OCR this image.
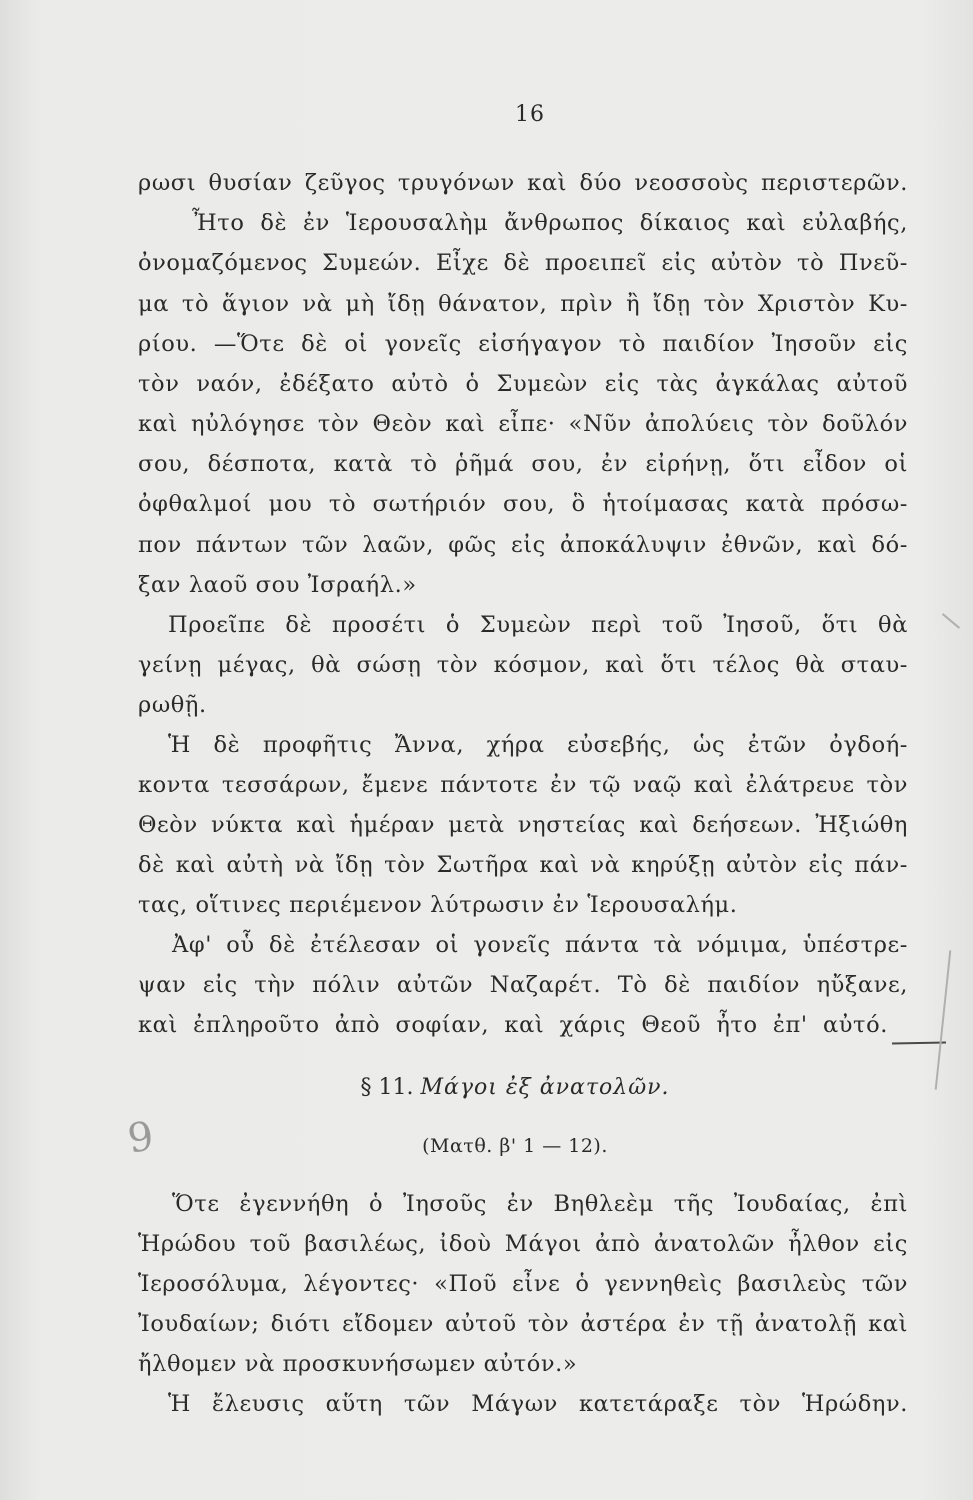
16
ρωσι θυσίαν ζεῦγος τρυγόνων καὶ δύο νεοσσοὺς περιστερῶν.
Ἦτο δὲ ἐν Ἱερουσαλὴμ ἄνθρωπος δίκαιος καὶ εὐλαβής,
ὀνομαζόμενος Συμεών. Εἶχε δὲ προειπεῖ εἰς αὐτὸν τὸ Πνεῦ-
μα τὸ ἅγιον νὰ μὴ ἴδῃ θάνατον, πρὶν ἢ ἴδῃ τὸν Χριστὸν Κυ-
ρίου. —Ὅτε δὲ οἱ γονεῖς εἰσήγαγον τὸ παιδίον Ἰησοῦν εἰς
τὸν ναόν, ἐδέξατο αὐτὸ ὁ Συμεὼν εἰς τὰς ἀγκάλας αὐτοῦ
καὶ ηὐλόγησε τὸν Θεὸν καὶ εἶπε· «Νῦν ἀπολύεις τὸν δοῦλόν
σου, δέσποτα, κατὰ τὸ ῥῆμά σου, ἐν εἰρήνῃ, ὅτι εἶδον οἱ
ὀφθαλμοί μου τὸ σωτήριόν σου, ὃ ἡτοίμασας κατὰ πρόσω-
πον πάντων τῶν λαῶν, φῶς εἰς ἀποκάλυψιν ἐθνῶν, καὶ δό-
ξαν λαοῦ σου Ἰσραήλ.»
Προεῖπε δὲ προσέτι ὁ Συμεὼν περὶ τοῦ Ἰησοῦ, ὅτι θὰ
γείνῃ μέγας, θὰ σώσῃ τὸν κόσμον, καὶ ὅτι τέλος θὰ σταυ-
ρωθῇ.
Ἡ δὲ προφῆτις Ἄννα, χήρα εὐσεβής, ὡς ἐτῶν ὀγδοή-
κοντα τεσσάρων, ἔμενε πάντοτε ἐν τῷ ναῷ καὶ ἐλάτρευε τὸν
Θεὸν νύκτα καὶ ἡμέραν μετὰ νηστείας καὶ δεήσεων. Ἠξιώθη
δὲ καὶ αὐτὴ νὰ ἴδῃ τὸν Σωτῆρα καὶ νὰ κηρύξῃ αὐτὸν εἰς πάν-
τας, οἵτινες περιέμενον λύτρωσιν ἐν Ἱερουσαλήμ.
Ἀφ' οὗ δὲ ἐτέλεσαν οἱ γονεῖς πάντα τὰ νόμιμα, ὑπέστρε-
ψαν εἰς τὴν πόλιν αὐτῶν Ναζαρέτ. Τὸ δὲ παιδίον ηὔξανε,
καὶ ἐπληροῦτο ἀπὸ σοφίαν, καὶ χάρις Θεοῦ ἦτο ἐπ' αὐτό.
§ 11. Μάγοι ἐξ ἀνατολῶν.
(Ματθ. β' 1 — 12).
Ὅτε ἐγεννήθη ὁ Ἰησοῦς ἐν Βηθλεὲμ τῆς Ἰουδαίας, ἐπὶ
Ἡρώδου τοῦ βασιλέως, ἰδοὺ Μάγοι ἀπὸ ἀνατολῶν ἦλθον εἰς
Ἱεροσόλυμα, λέγοντες· «Ποῦ εἶνε ὁ γεννηθεὶς βασιλεὺς τῶν
Ἰουδαίων; διότι εἴδομεν αὐτοῦ τὸν ἀστέρα ἐν τῇ ἀνατολῇ καὶ
ἤλθομεν νὰ προσκυνήσωμεν αὐτόν.»
Ἡ ἔλευσις αὕτη τῶν Μάγων κατετάραξε τὸν Ἡρώδην.
9
